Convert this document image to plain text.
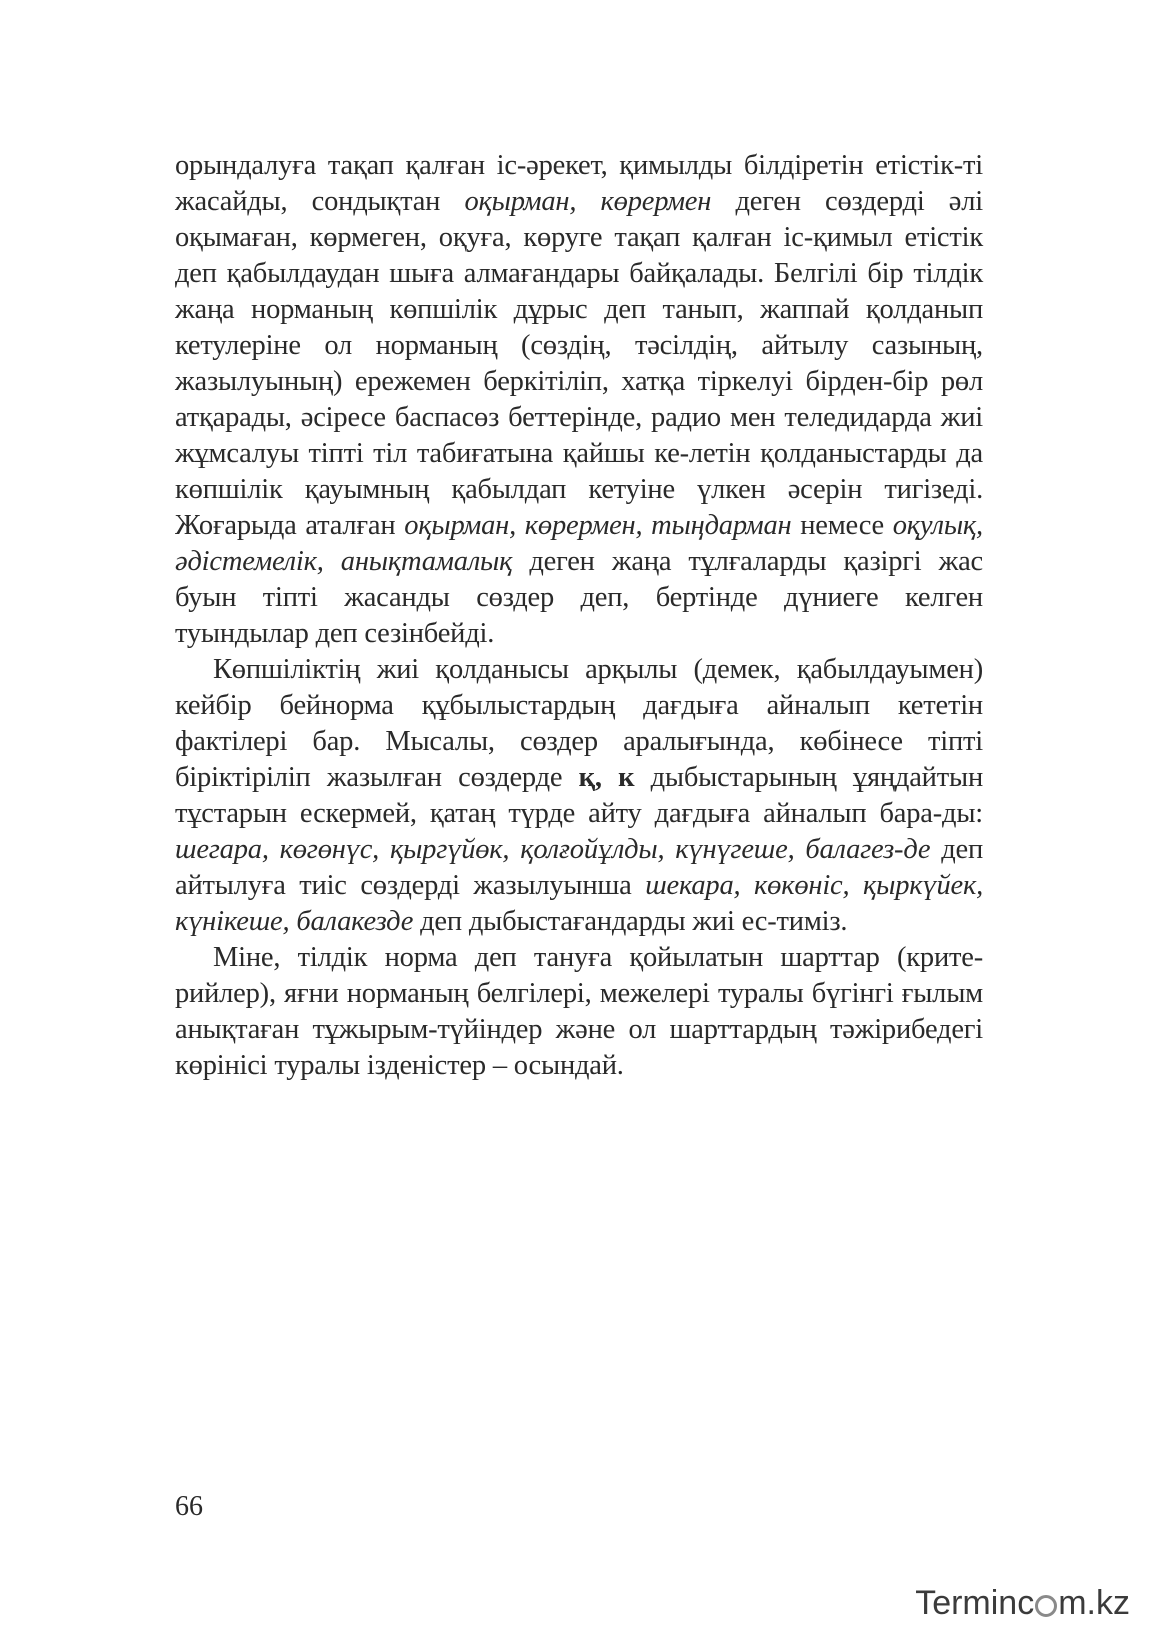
орындалуға тақап қалған іс-әрекет, қимылды білдіретін етістік-ті жасайды, сондықтан оқырман, көрермен деген сөздерді әлі оқымаған, көрмеген, оқуға, көруге тақап қалған іс-қимыл етістік деп қабылдаудан шыға алмағандары байқалады. Белгілі бір тілдік жаңа норманың көпшілік дұрыс деп танып, жаппай қолданып кетулеріне ол норманың (сөздің, тәсілдің, айтылу сазының, жазылуының) ережемен беркітіліп, хатқа тіркелуі бірден-бір рөл атқарады, әсіресе баспасөз беттерінде, радио мен теледидарда жиі жұмсалуы тіпті тіл табиғатына қайшы ке-летін қолданыстарды да көпшілік қауымның қабылдап кетуіне үлкен әсерін тигізеді. Жоғарыда аталған оқырман, көрермен, тыңдарман немесе оқулық, әдістемелік, анықтамалық деген жаңа тұлғаларды қазіргі жас буын тіпті жасанды сөздер деп, бертінде дүниеге келген туындылар деп сезінбейді.

Көпшіліктің жиі қолданысы арқылы (демек, қабылдауымен) кейбір бейнорма құбылыстардың дағдыға айналып кететін фактілері бар. Мысалы, сөздер аралығында, көбінесе тіпті біріктіріліп жазылған сөздерде қ, к дыбыстарының ұяңдайтын тұстарын ескермей, қатаң түрде айту дағдыға айналып бара-ды: шегара, көгөнүс, қыргүйөк, қолғойұлды, күнүгеше, балагез-де деп айтылуға тиіс сөздерді жазылуынша шекара, көкөніс, қыркүйек, күнікеше, балакезде деп дыбыстағандарды жиі ес-тиміз.

Міне, тілдік норма деп тануға қойылатын шарттар (крите-рийлер), яғни норманың белгілері, межелері туралы бүгінгі ғылым анықтаған тұжырым-түйіндер және ол шарттардың тәжірибедегі көрінісі туралы ізденістер – осындай.

66
Terminc m.kz
